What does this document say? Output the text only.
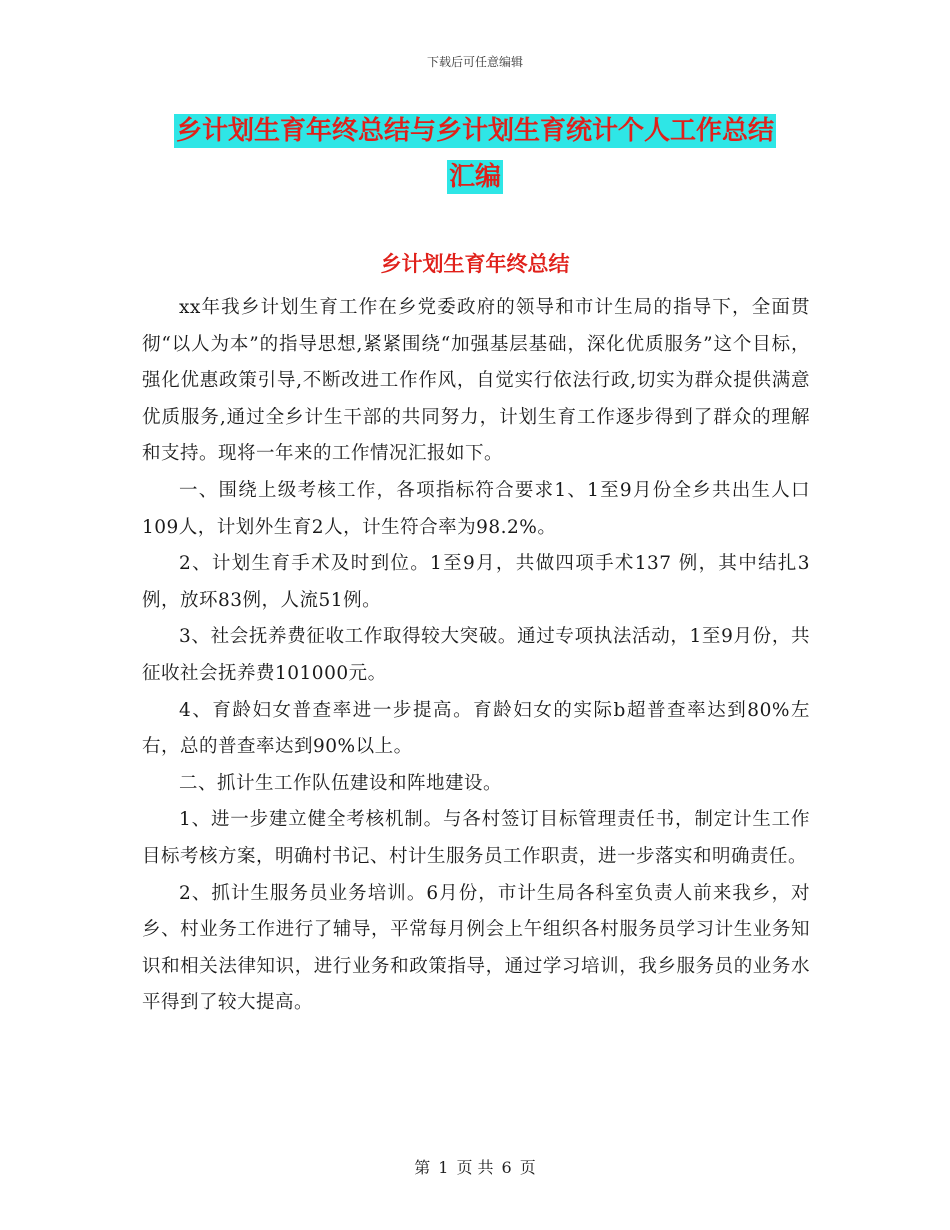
下载后可任意编辑
乡计划生育年终总结与乡计划生育统计个人工作总结
汇编
乡计划生育年终总结

xx年我乡计划生育工作在乡党委政府的领导和市计生局的指导下，全面贯彻“以人为本”的指导思想,紧紧围绕“加强基层基础，深化优质服务”这个目标，强化优惠政策引导,不断改进工作作风，自觉实行依法行政,切实为群众提供满意优质服务,通过全乡计生干部的共同努力，计划生育工作逐步得到了群众的理解和支持。现将一年来的工作情况汇报如下。

一、围绕上级考核工作，各项指标符合要求1、1至9月份全乡共出生人口109人，计划外生育2人，计生符合率为98.2%。

2、计划生育手术及时到位。1至9月，共做四项手术137 例，其中结扎3例，放环83例，人流51例。

3、社会抚养费征收工作取得较大突破。通过专项执法活动，1至9月份，共征收社会抚养费101000元。

4、育龄妇女普查率进一步提高。育龄妇女的实际b超普查率达到80%左右，总的普查率达到90%以上。

二、抓计生工作队伍建设和阵地建设。

1、进一步建立健全考核机制。与各村签订目标管理责任书，制定计生工作目标考核方案，明确村书记、村计生服务员工作职责，进一步落实和明确责任。

2、抓计生服务员业务培训。6月份，市计生局各科室负责人前来我乡，对乡、村业务工作进行了辅导，平常每月例会上午组织各村服务员学习计生业务知识和相关法律知识，进行业务和政策指导，通过学习培训，我乡服务员的业务水平得到了较大提高。

第 1 页 共 6 页
